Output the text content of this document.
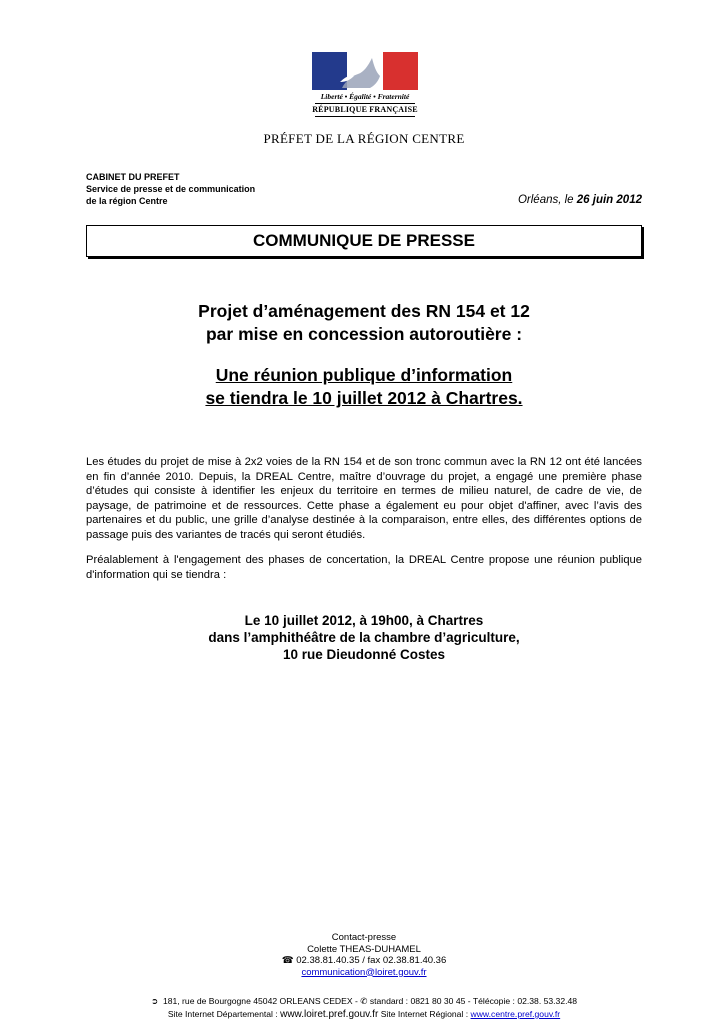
Liberté • Égalité • Fraternité
RÉPUBLIQUE FRANÇAISE
PRÉFET DE LA RÉGION CENTRE
CABINET DU PREFET
Service de presse et de communication
de la région Centre	Orléans, le 26 juin 2012
COMMUNIQUE DE PRESSE
Projet d’aménagement des RN 154 et 12
par mise en concession autoroutière :
Une réunion publique d’information
se tiendra le 10 juillet 2012 à Chartres.

Les études du projet de mise à 2x2 voies de la RN 154 et de son tronc commun avec la RN 12 ont été lancées en fin d’année 2010. Depuis, la DREAL Centre, maître d’ouvrage du projet, a engagé une première phase d’études qui consiste à identifier les enjeux du territoire en termes de milieu naturel, de cadre de vie, de paysage, de patrimoine et de ressources. Cette phase a également eu pour objet d'affiner, avec l’avis des partenaires et du public, une grille d’analyse destinée à la comparaison, entre elles, des différentes options de passage puis des variantes de tracés qui seront étudiés.

Préalablement à l'engagement des phases de concertation, la DREAL Centre propose une réunion publique d'information qui se tiendra :

Le 10 juillet 2012, à 19h00, à Chartres
dans l’amphithéâtre de la chambre d’agriculture,
10 rue Dieudonné Costes
Contact-presse
Colette THEAS-DUHAMEL
☎ 02.38.81.40.35 / fax 02.38.81.40.36
communication@loiret.gouv.fr
➲ 181, rue de Bourgogne 45042 ORLEANS CEDEX - ✆ standard : 0821 80 30 45 - Télécopie : 02.38. 53.32.48
Site Internet Départemental : www.loiret.pref.gouv.fr Site Internet Régional : www.centre.pref.gouv.fr
